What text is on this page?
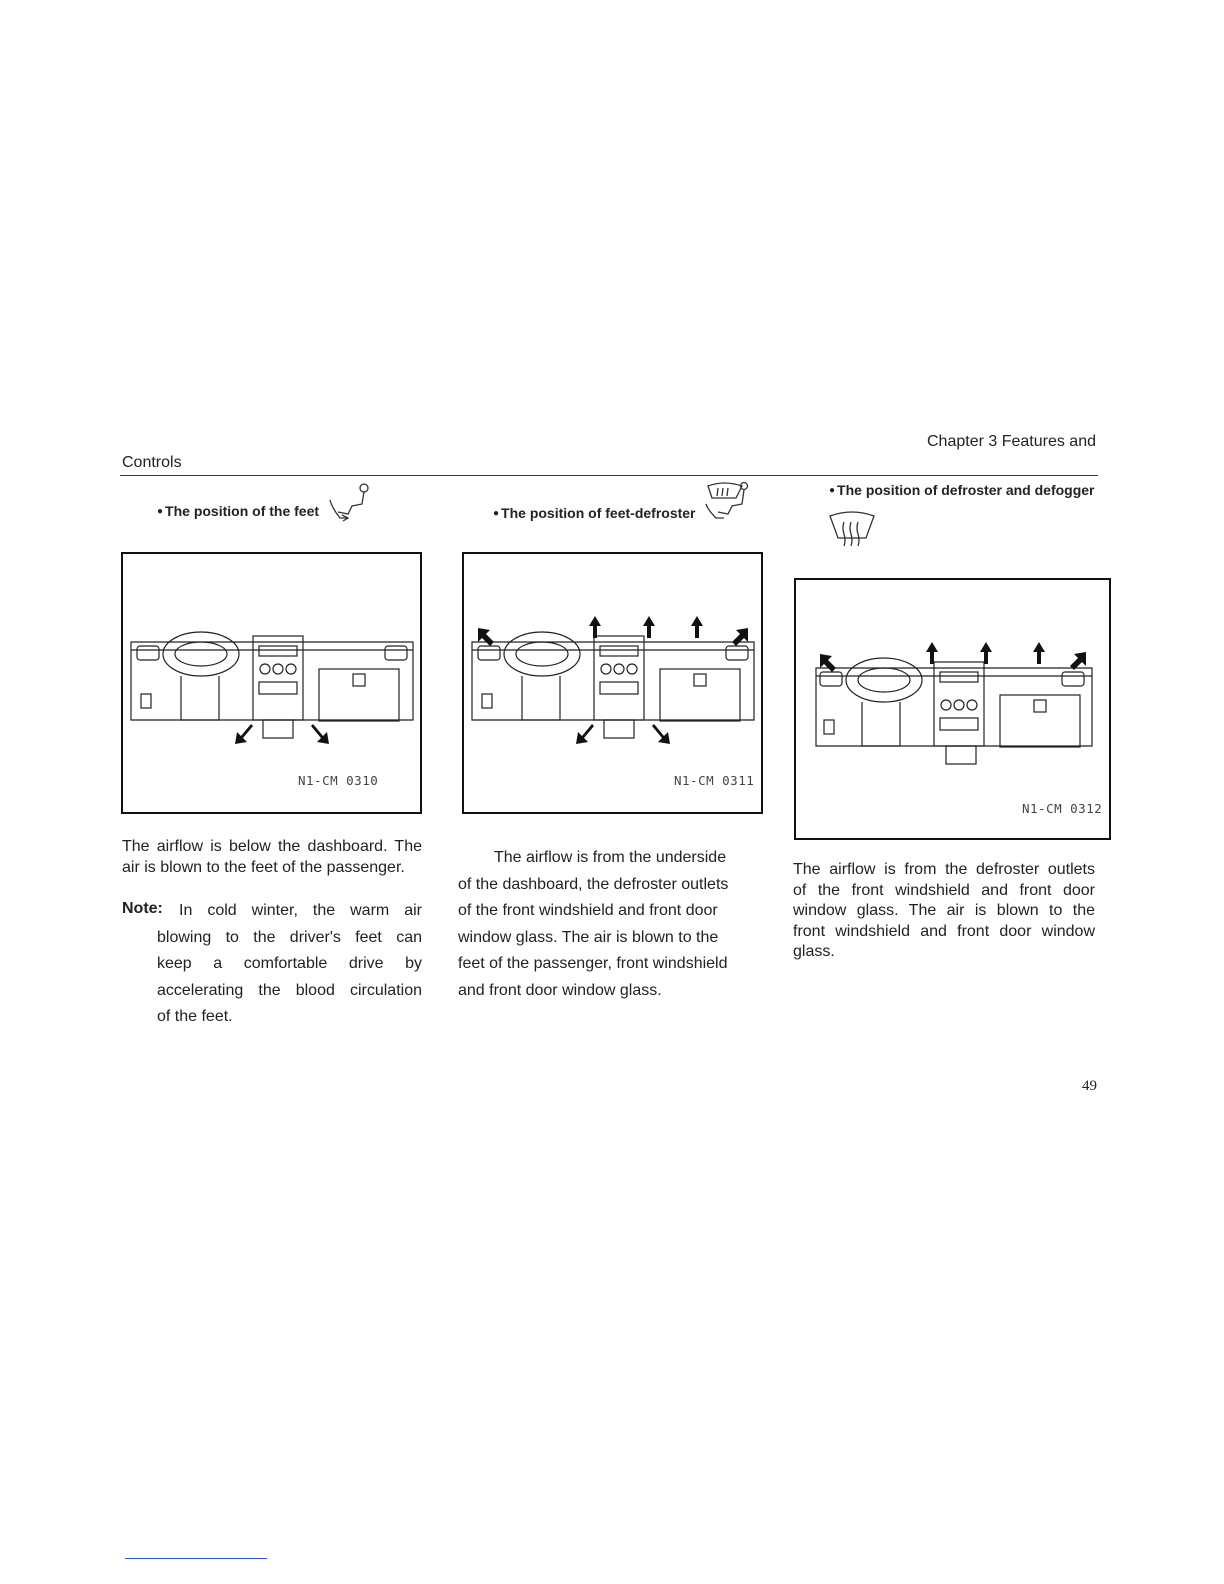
Chapter 3 Features and
Controls
● The position of the feet	● The position of feet-defroster
● The position of defroster and defogger
N1-CM 0310	N1-CM 0311
N1-CM 0312
The airflow is below the dashboard. The air is blown to the feet of the passenger.
Note:	In cold winter, the warm air
blowing to the driver's feet can
keep a comfortable drive by
accelerating the blood circulation
of the feet.
The airflow is from the underside
of the dashboard, the defroster outlets
of the front windshield and front door
window glass. The air is blown to the
feet of the passenger, front windshield
and front door window glass.
The airflow is from the defroster outlets
of the front windshield and front door
window glass. The air is blown to the
front windshield and front door window
glass.
49
